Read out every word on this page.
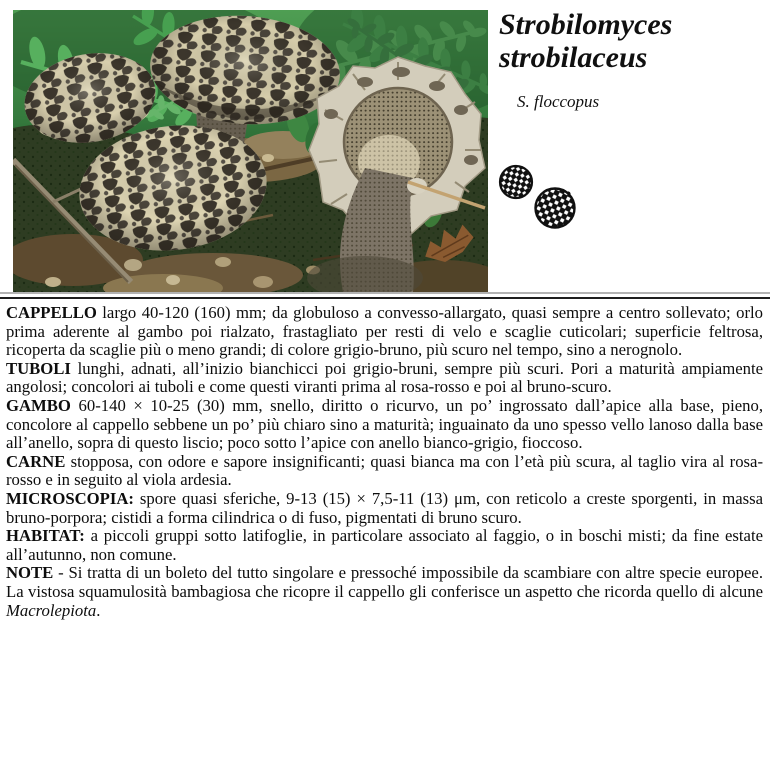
Strobilomyces
strobilaceus
S. floccopus

CAPPELLO largo 40-120 (160) mm; da globuloso a convesso-allargato, quasi sempre a centro sollevato; orlo prima aderente al gambo poi rialzato, frastagliato per resti di velo e scaglie cuticolari; superficie feltrosa, ricoperta da scaglie più o meno grandi; di colore grigio-bruno, più scuro nel tempo, sino a nerognolo.

TUBOLI lunghi, adnati, all’inizio bianchicci poi grigio-bruni, sempre più scuri. Pori a maturità ampiamente angolosi; concolori ai tuboli e come questi viranti prima al rosa-rosso e poi al bruno-scuro.

GAMBO 60-140 × 10-25 (30) mm, snello, diritto o ricurvo, un po’ ingrossato dall’apice alla base, pieno, concolore al cappello sebbene un po’ più chiaro sino a maturità; inguainato da uno spesso vello lanoso dalla base all’anello, sopra di questo liscio; poco sotto l’apice con anello bianco-grigio, fioccoso.

CARNE stopposa, con odore e sapore insignificanti; quasi bianca ma con l’età più scura, al taglio vira al rosa-rosso e in seguito al viola ardesia.

MICROSCOPIA: spore quasi sferiche, 9-13 (15) × 7,5-11 (13) μm, con reticolo a creste sporgenti, in massa bruno-porpora; cistidi a forma cilindrica o di fuso, pigmentati di bruno scuro.

HABITAT: a piccoli gruppi sotto latifoglie, in particolare associato al faggio, o in boschi misti; da fine estate all’autunno, non comune.

NOTE - Si tratta di un boleto del tutto singolare e pressoché impossibile da scambiare con altre specie europee. La vistosa squamulosità bambagiosa che ricopre il cappello gli conferisce un aspetto che ricorda quello di alcune Macrolepiota.
